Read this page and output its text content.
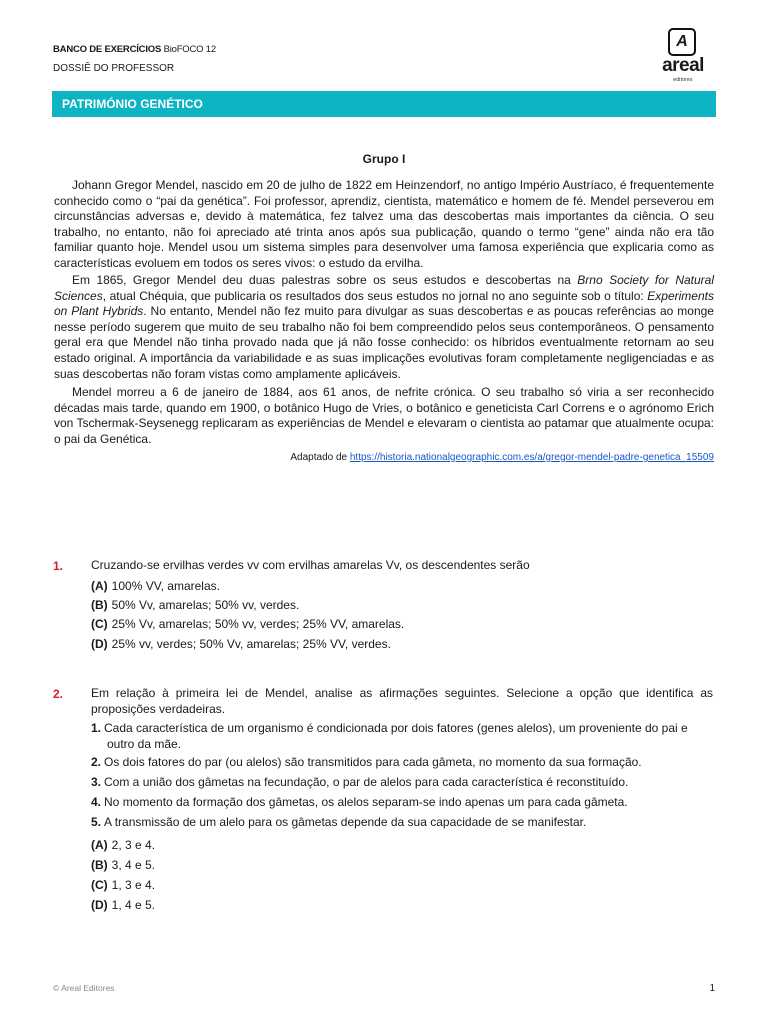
BANCO DE EXERCÍCIOS BioFOCO 12
DOSSIÊ DO PROFESSOR
A
areal
editores
PATRIMÓNIO GENÉTICO
Grupo I

Johann Gregor Mendel, nascido em 20 de julho de 1822 em Heinzendorf, no antigo Império Austríaco, é frequentemente conhecido como o “pai da genética”. Foi professor, aprendiz, cientista, matemático e homem de fé. Mendel perseverou em circunstâncias adversas e, devido à matemática, fez talvez uma das descobertas mais importantes da ciência. O seu trabalho, no entanto, não foi apreciado até trinta anos após sua publicação, quando o termo “gene” ainda não era tão familiar quanto hoje. Mendel usou um sistema simples para desenvolver uma famosa experiência que explicaria como as características evoluem em todos os seres vivos: o estudo da ervilha.

Em 1865, Gregor Mendel deu duas palestras sobre os seus estudos e descobertas na Brno Society for Natural Sciences, atual Chéquia, que publicaria os resultados dos seus estudos no jornal no ano seguinte sob o título: Experiments on Plant Hybrids. No entanto, Mendel não fez muito para divulgar as suas descobertas e as poucas referências ao monge nesse período sugerem que muito de seu trabalho não foi bem compreendido pelos seus contemporâneos. O pensamento geral era que Mendel não tinha provado nada que já não fosse conhecido: os híbridos eventualmente retornam ao seu estado original. A importância da variabilidade e as suas implicações evolutivas foram completamente negligenciadas e as suas descobertas não foram vistas como amplamente aplicáveis.

Mendel morreu a 6 de janeiro de 1884, aos 61 anos, de nefrite crónica. O seu trabalho só viria a ser reconhecido décadas mais tarde, quando em 1900, o botânico Hugo de Vries, o botânico e geneticista Carl Correns e o agrónomo Erich von Tschermak-Seysenegg replicaram as experiências de Mendel e elevaram o cientista ao patamar que atualmente ocupa: o pai da Genética.

Adaptado de https://historia.nationalgeographic.com.es/a/gregor-mendel-padre-genetica_15509
1. Cruzando-se ervilhas verdes vv com ervilhas amarelas Vv, os descendentes serão
(A) 100% VV, amarelas.
(B) 50% Vv, amarelas; 50% vv, verdes.
(C) 25% Vv, amarelas; 50% vv, verdes; 25% VV, amarelas.
(D) 25% vv, verdes; 50% Vv, amarelas; 25% VV, verdes.
2. Em relação à primeira lei de Mendel, analise as afirmações seguintes. Selecione a opção que identifica as proposições verdadeiras.
1. Cada característica de um organismo é condicionada por dois fatores (genes alelos), um proveniente do pai e outro da mãe.
2. Os dois fatores do par (ou alelos) são transmitidos para cada gâmeta, no momento da sua formação.
3. Com a união dos gâmetas na fecundação, o par de alelos para cada característica é reconstituído.
4. No momento da formação dos gâmetas, os alelos separam-se indo apenas um para cada gâmeta.
5. A transmissão de um alelo para os gâmetas depende da sua capacidade de se manifestar.
(A) 2, 3 e 4.
(B) 3, 4 e 5.
(C) 1, 3 e 4.
(D) 1, 4 e 5.
© Areal Editores	1
